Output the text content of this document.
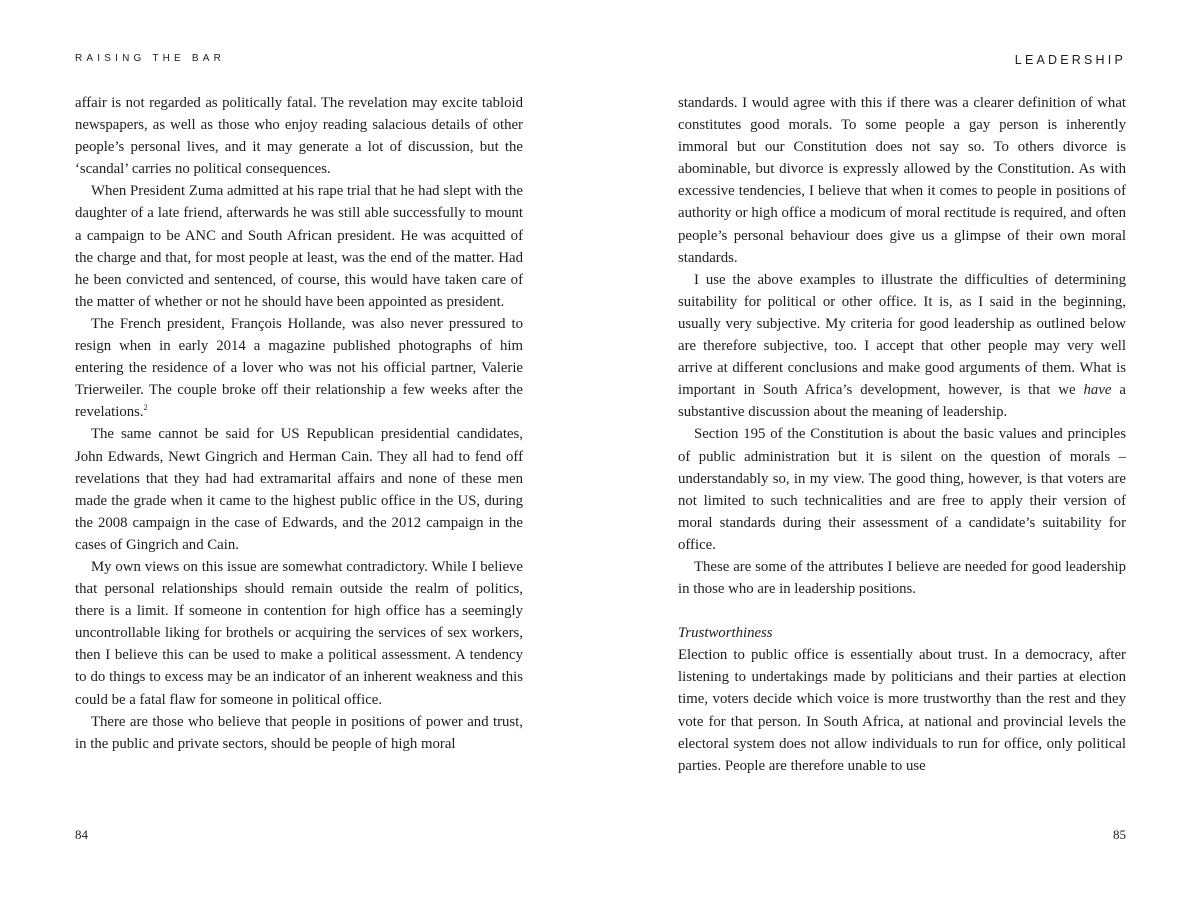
RAISING THE BAR

affair is not regarded as politically fatal. The revelation may excite tabloid newspapers, as well as those who enjoy reading salacious details of other people’s personal lives, and it may generate a lot of discussion, but the ‘scandal’ carries no political consequences.

When President Zuma admitted at his rape trial that he had slept with the daughter of a late friend, afterwards he was still able successfully to mount a campaign to be ANC and South African president. He was acquitted of the charge and that, for most people at least, was the end of the matter. Had he been convicted and sentenced, of course, this would have taken care of the matter of whether or not he should have been appointed as president.

The French president, François Hollande, was also never pressured to resign when in early 2014 a magazine published photographs of him entering the residence of a lover who was not his official partner, Valerie Trierweiler. The couple broke off their relationship a few weeks after the revelations.$^2$

The same cannot be said for US Republican presidential candidates, John Edwards, Newt Gingrich and Herman Cain. They all had to fend off revelations that they had had extramarital affairs and none of these men made the grade when it came to the highest public office in the US, during the 2008 campaign in the case of Edwards, and the 2012 campaign in the cases of Gingrich and Cain.

My own views on this issue are somewhat contradictory. While I believe that personal relationships should remain outside the realm of politics, there is a limit. If someone in contention for high office has a seemingly uncontrollable liking for brothels or acquiring the services of sex workers, then I believe this can be used to make a political assessment. A tendency to do things to excess may be an indicator of an inherent weakness and this could be a fatal flaw for someone in political office.

There are those who believe that people in positions of power and trust, in the public and private sectors, should be people of high moral

84
LEADERSHIP

standards. I would agree with this if there was a clearer definition of what constitutes good morals. To some people a gay person is inherently immoral but our Constitution does not say so. To others divorce is abominable, but divorce is expressly allowed by the Constitution. As with excessive tendencies, I believe that when it comes to people in positions of authority or high office a modicum of moral rectitude is required, and often people’s personal behaviour does give us a glimpse of their own moral standards.

I use the above examples to illustrate the difficulties of determining suitability for political or other office. It is, as I said in the beginning, usually very subjective. My criteria for good leadership as outlined below are therefore subjective, too. I accept that other people may very well arrive at different conclusions and make good arguments of them. What is important in South Africa’s development, however, is that we have a substantive discussion about the meaning of leadership.

Section 195 of the Constitution is about the basic values and principles of public administration but it is silent on the question of morals – understandably so, in my view. The good thing, however, is that voters are not limited to such technicalities and are free to apply their version of moral standards during their assessment of a candidate’s suitability for office.

These are some of the attributes I believe are needed for good leadership in those who are in leadership positions.

Trustworthiness

Election to public office is essentially about trust. In a democracy, after listening to undertakings made by politicians and their parties at election time, voters decide which voice is more trustworthy than the rest and they vote for that person. In South Africa, at national and provincial levels the electoral system does not allow individuals to run for office, only political parties. People are therefore unable to use

85
